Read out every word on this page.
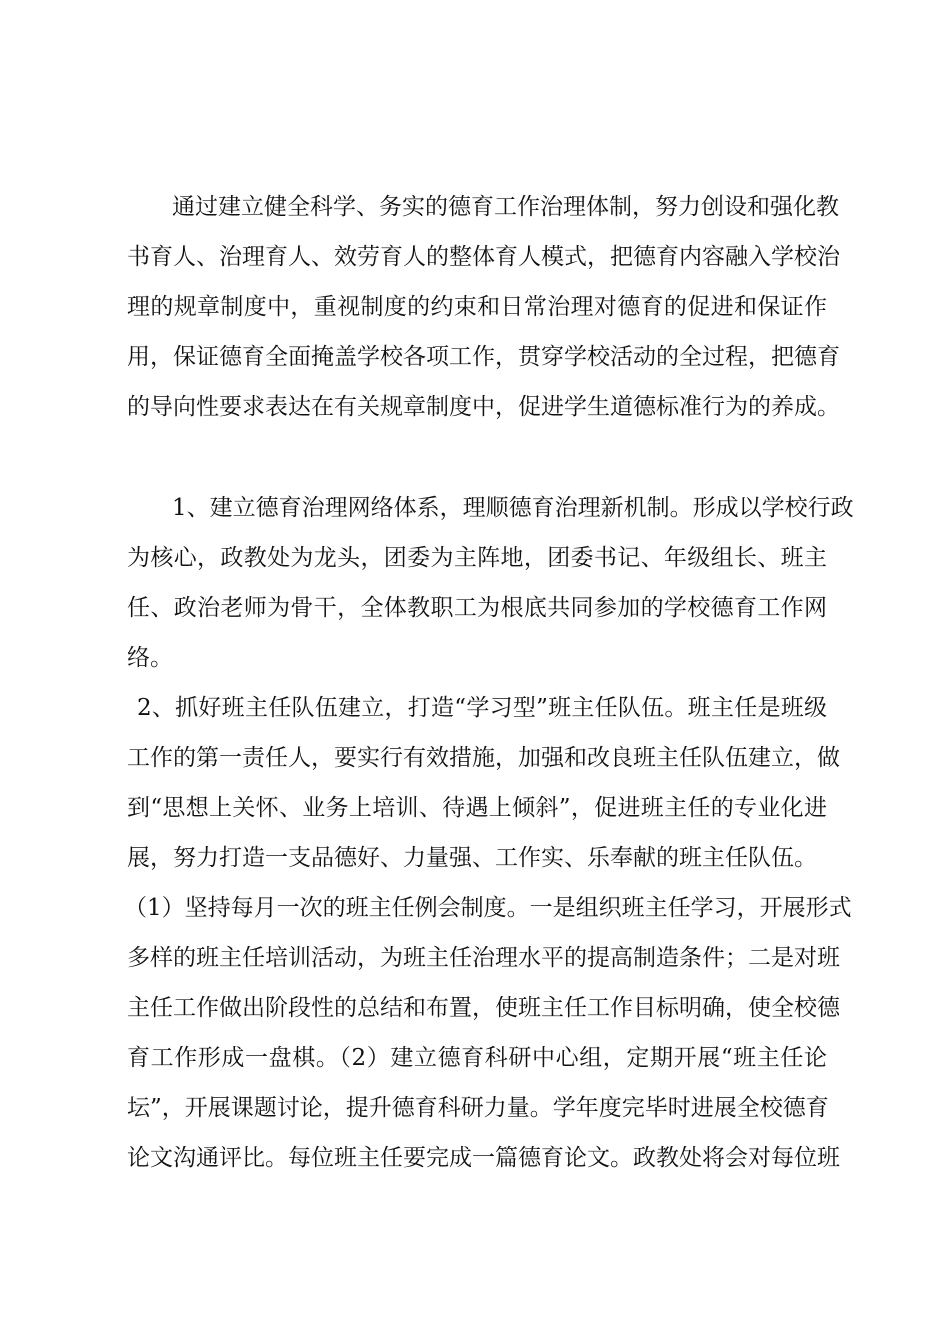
通过建立健全科学、务实的德育工作治理体制，努力创设和强化教
书育人、治理育人、效劳育人的整体育人模式，把德育内容融入学校治
理的规章制度中，重视制度的约束和日常治理对德育的促进和保证作
用，保证德育全面掩盖学校各项工作，贯穿学校活动的全过程，把德育
的导向性要求表达在有关规章制度中，促进学生道德标准行为的养成。
1、建立德育治理网络体系，理顺德育治理新机制。形成以学校行政
为核心，政教处为龙头，团委为主阵地，团委书记、年级组长、班主
任、政治老师为骨干，全体教职工为根底共同参加的学校德育工作网
络。
2、抓好班主任队伍建立，打造“学习型”班主任队伍。班主任是班级
工作的第一责任人，要实行有效措施，加强和改良班主任队伍建立，做
到“思想上关怀、业务上培训、待遇上倾斜”，促进班主任的专业化进
展，努力打造一支品德好、力量强、工作实、乐奉献的班主任队伍。
（1）坚持每月一次的班主任例会制度。一是组织班主任学习，开展形式
多样的班主任培训活动，为班主任治理水平的提高制造条件；二是对班
主任工作做出阶段性的总结和布置，使班主任工作目标明确，使全校德
育工作形成一盘棋。（2）建立德育科研中心组，定期开展“班主任论
坛”，开展课题讨论，提升德育科研力量。学年度完毕时进展全校德育
论文沟通评比。每位班主任要完成一篇德育论文。政教处将会对每位班
